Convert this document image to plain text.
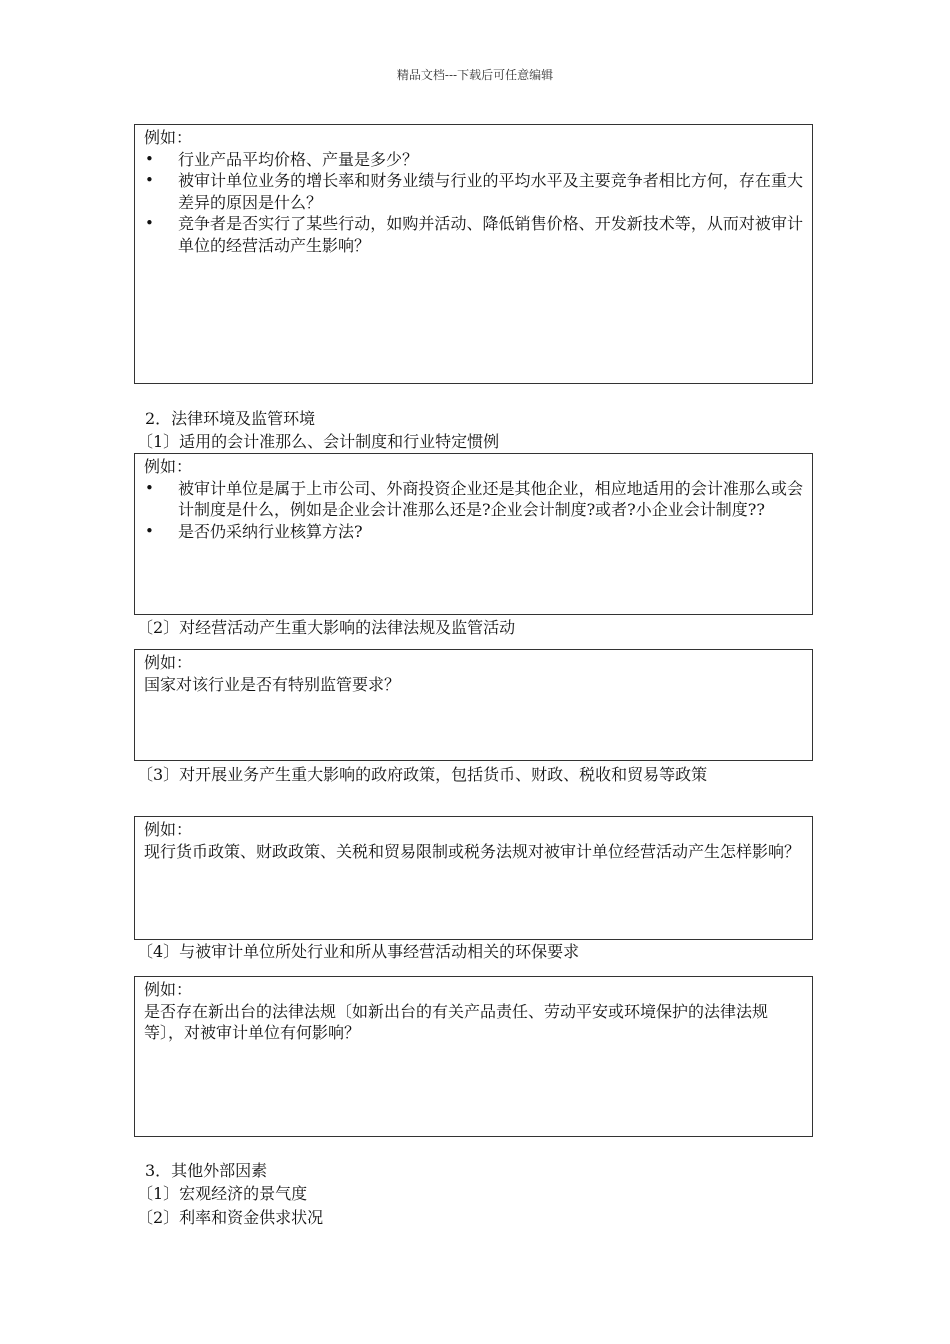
精品文档---下载后可任意编辑

例如：

• 行业产品平均价格、产量是多少？
• 被审计单位业务的增长率和财务业绩与行业的平均水平及主要竞争者相比方何，存在重大差异的原因是什么？
• 竞争者是否实行了某些行动，如购并活动、降低销售价格、开发新技术等，从而对被审计单位的经营活动产生影响？
2．法律环境及监管环境
〔1〕适用的会计准那么、会计制度和行业特定惯例

例如：

• 被审计单位是属于上市公司、外商投资企业还是其他企业，相应地适用的会计准那么或会计制度是什么，例如是企业会计准那么还是?企业会计制度?或者?小企业会计制度??
• 是否仍采纳行业核算方法?
〔2〕对经营活动产生重大影响的法律法规及监管活动

例如：

国家对该行业是否有特别监管要求？

〔3〕对开展业务产生重大影响的政府政策，包括货币、财政、税收和贸易等政策

例如：

现行货币政策、财政政策、关税和贸易限制或税务法规对被审计单位经营活动产生怎样影响？

〔4〕与被审计单位所处行业和所从事经营活动相关的环保要求

例如：

是否存在新出台的法律法规〔如新出台的有关产品责任、劳动平安或环境保护的法律法规等〕，对被审计单位有何影响？

3．其他外部因素
〔1〕宏观经济的景气度
〔2〕利率和资金供求状况
